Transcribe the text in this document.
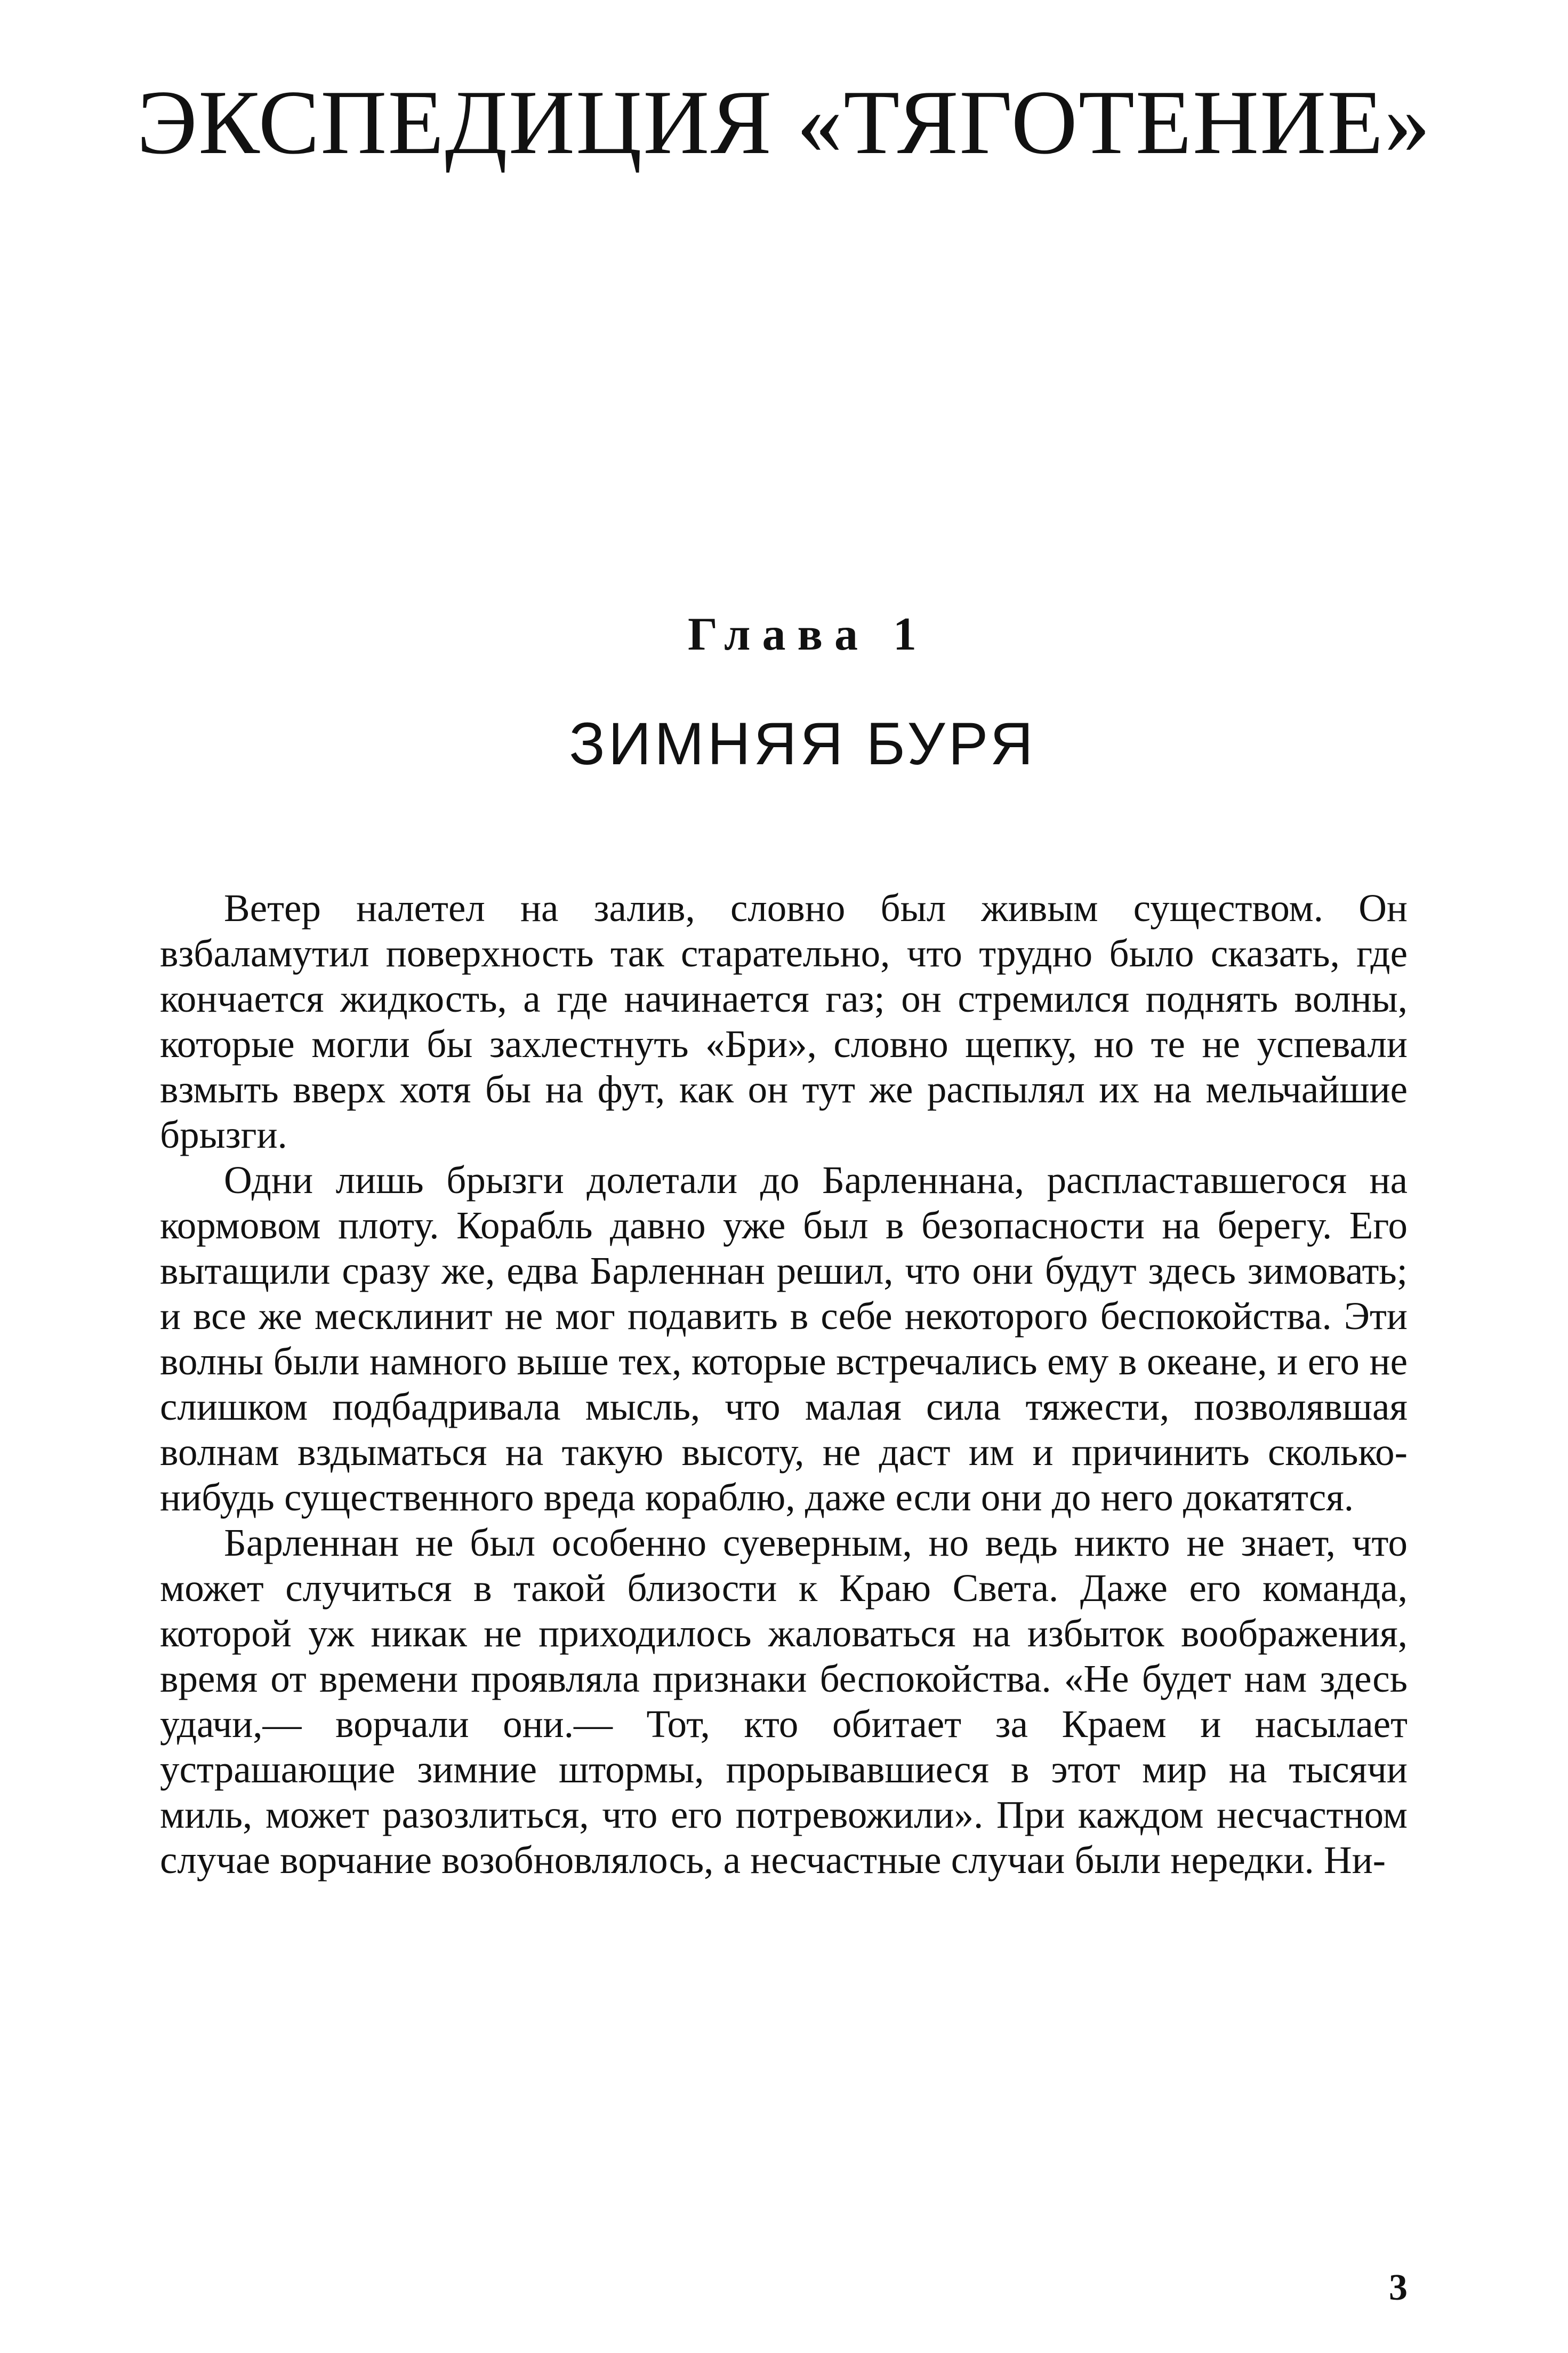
ЭКСПЕДИЦИЯ «ТЯГОТЕНИЕ»
Глава 1
ЗИМНЯЯ БУРЯ

Ветер налетел на залив, словно был живым существом. Он взбаламутил поверхность так старательно, что трудно было сказать, где кончается жидкость, а где начинается газ; он стремился поднять волны, которые могли бы захлестнуть «Бри», словно щепку, но те не успевали взмыть вверх хотя бы на фут, как он тут же распылял их на мельчайшие брызги.

Одни лишь брызги долетали до Барленнана, распластавшегося на кормовом плоту. Корабль давно уже был в безопасности на берегу. Его вытащили сразу же, едва Барленнан решил, что они будут здесь зимовать; и все же месклинит не мог подавить в себе некоторого беспокойства. Эти волны были намного выше тех, которые встречались ему в океане, и его не слишком подбадривала мысль, что малая сила тяжести, позволявшая волнам вздыматься на такую высоту, не даст им и причинить сколько-нибудь существенного вреда кораблю, даже если они до него докатятся.

Барленнан не был особенно суеверным, но ведь никто не знает, что может случиться в такой близости к Краю Света. Даже его команда, которой уж никак не приходилось жаловаться на избыток воображения, время от времени проявляла признаки беспокойства. «Не будет нам здесь удачи,— ворчали они.— Тот, кто обитает за Краем и насылает устрашающие зимние штормы, прорывавшиеся в этот мир на тысячи миль, может разозлиться, что его потревожили». При каждом несчастном случае ворчание возобновлялось, а несчастные случаи были нередки. Ни-

3
